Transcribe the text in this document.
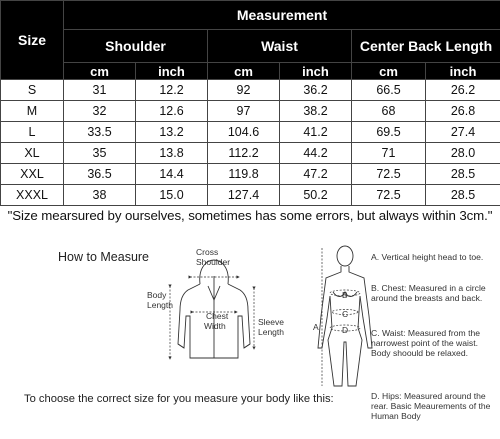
Size	Measurement					
	Shoulder		Waist		Center Back Length	
	cm	inch	cm	inch	cm	inch
S	31	12.2	92	36.2	66.5	26.2
M	32	12.6	97	38.2	68	26.8
L	33.5	13.2	104.6	41.2	69.5	27.4
XL	35	13.8	112.2	44.2	71	28.0
XXL	36.5	14.4	119.8	47.2	72.5	28.5
XXXL	38	15.0	127.4	50.2	72.5	28.5
"Size mearsured by ourselves, sometimes has some errors, but always within 3cm."
How to Measure	Cross
Shoulder
Body
Length
Chest
Width	Sleeve
Length	A
B
C
D
A. Vertical height head to toe.
B. Chest: Measured in a circle around the breasts and back.
C. Waist: Measured from the narrowest point of the waist. Body shoould be relaxed.
D. Hips: Measured around the rear. Basic Meaurements of the Human Body
To choose the correct size for you measure your body like this:
